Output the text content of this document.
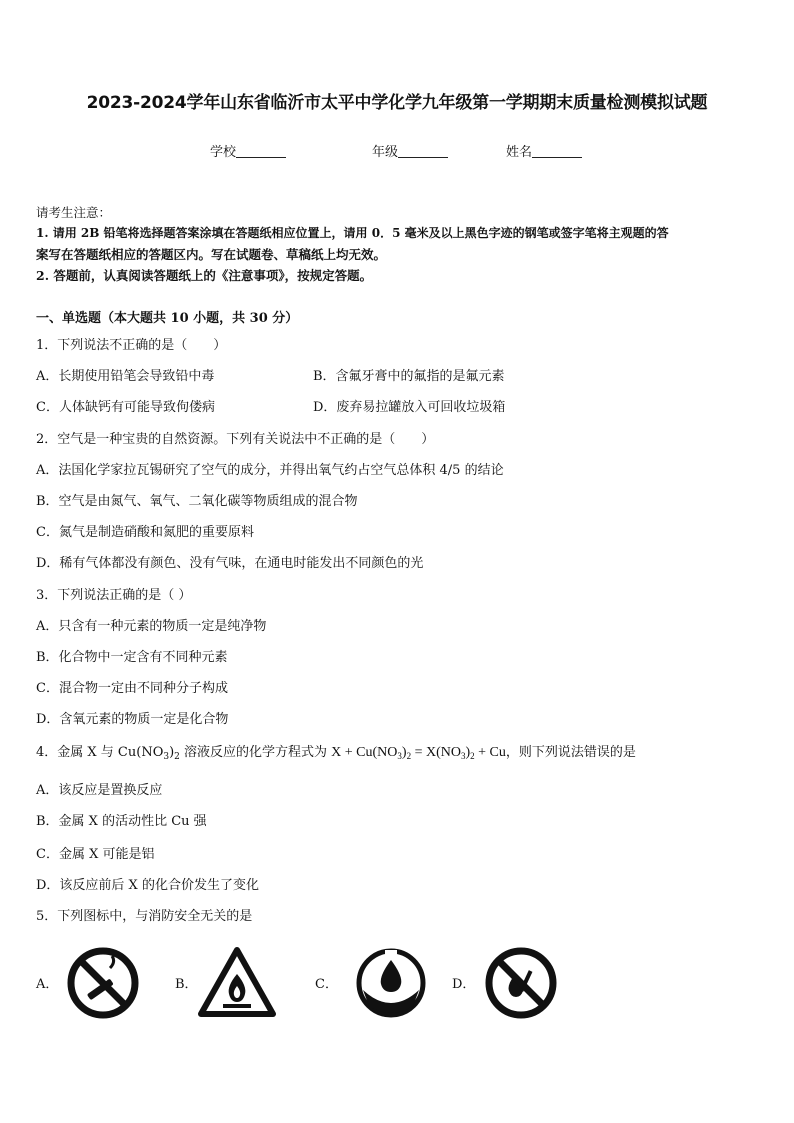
2023-2024学年山东省临沂市太平中学化学九年级第一学期期末质量检测模拟试题
学校	年级	姓名
请考生注意：
1. 请用 2B 铅笔将选择题答案涂填在答题纸相应位置上，请用 0．5 毫米及以上黑色字迹的钢笔或签字笔将主观题的答
案写在答题纸相应的答题区内。写在试题卷、草稿纸上均无效。
2. 答题前，认真阅读答题纸上的《注意事项》，按规定答题。
一、单选题（本大题共 10 小题，共 30 分）
1．下列说法不正确的是（　　）
A．长期使用铅笔会导致铅中毒	B．含氟牙膏中的氟指的是氟元素
C．人体缺钙有可能导致佝偻病	D．废弃易拉罐放入可回收垃圾箱
2．空气是一种宝贵的自然资源。下列有关说法中不正确的是（　　）
A．法国化学家拉瓦锡研究了空气的成分，并得出氧气约占空气总体积 4/5 的结论
B．空气是由氮气、氧气、二氧化碳等物质组成的混合物
C．氮气是制造硝酸和氮肥的重要原料
D．稀有气体都没有颜色、没有气味，在通电时能发出不同颜色的光
3．下列说法正确的是（ ）
A．只含有一种元素的物质一定是纯净物
B．化合物中一定含有不同种元素
C．混合物一定由不同种分子构成
D．含氧元素的物质一定是化合物
4．金属 X 与 $Cu(NO_3)_2$ 溶液反应的化学方程式为 $X + Cu(NO_3)_2 = X(NO_3)_2 + Cu$，则下列说法错误的是
A．该反应是置换反应
B．金属 X 的活动性比 Cu 强
C．金属 X 可能是铝
D．该反应前后 X 的化合价发生了变化
5．下列图标中，与消防安全无关的是
A．	B．	C．	D．
